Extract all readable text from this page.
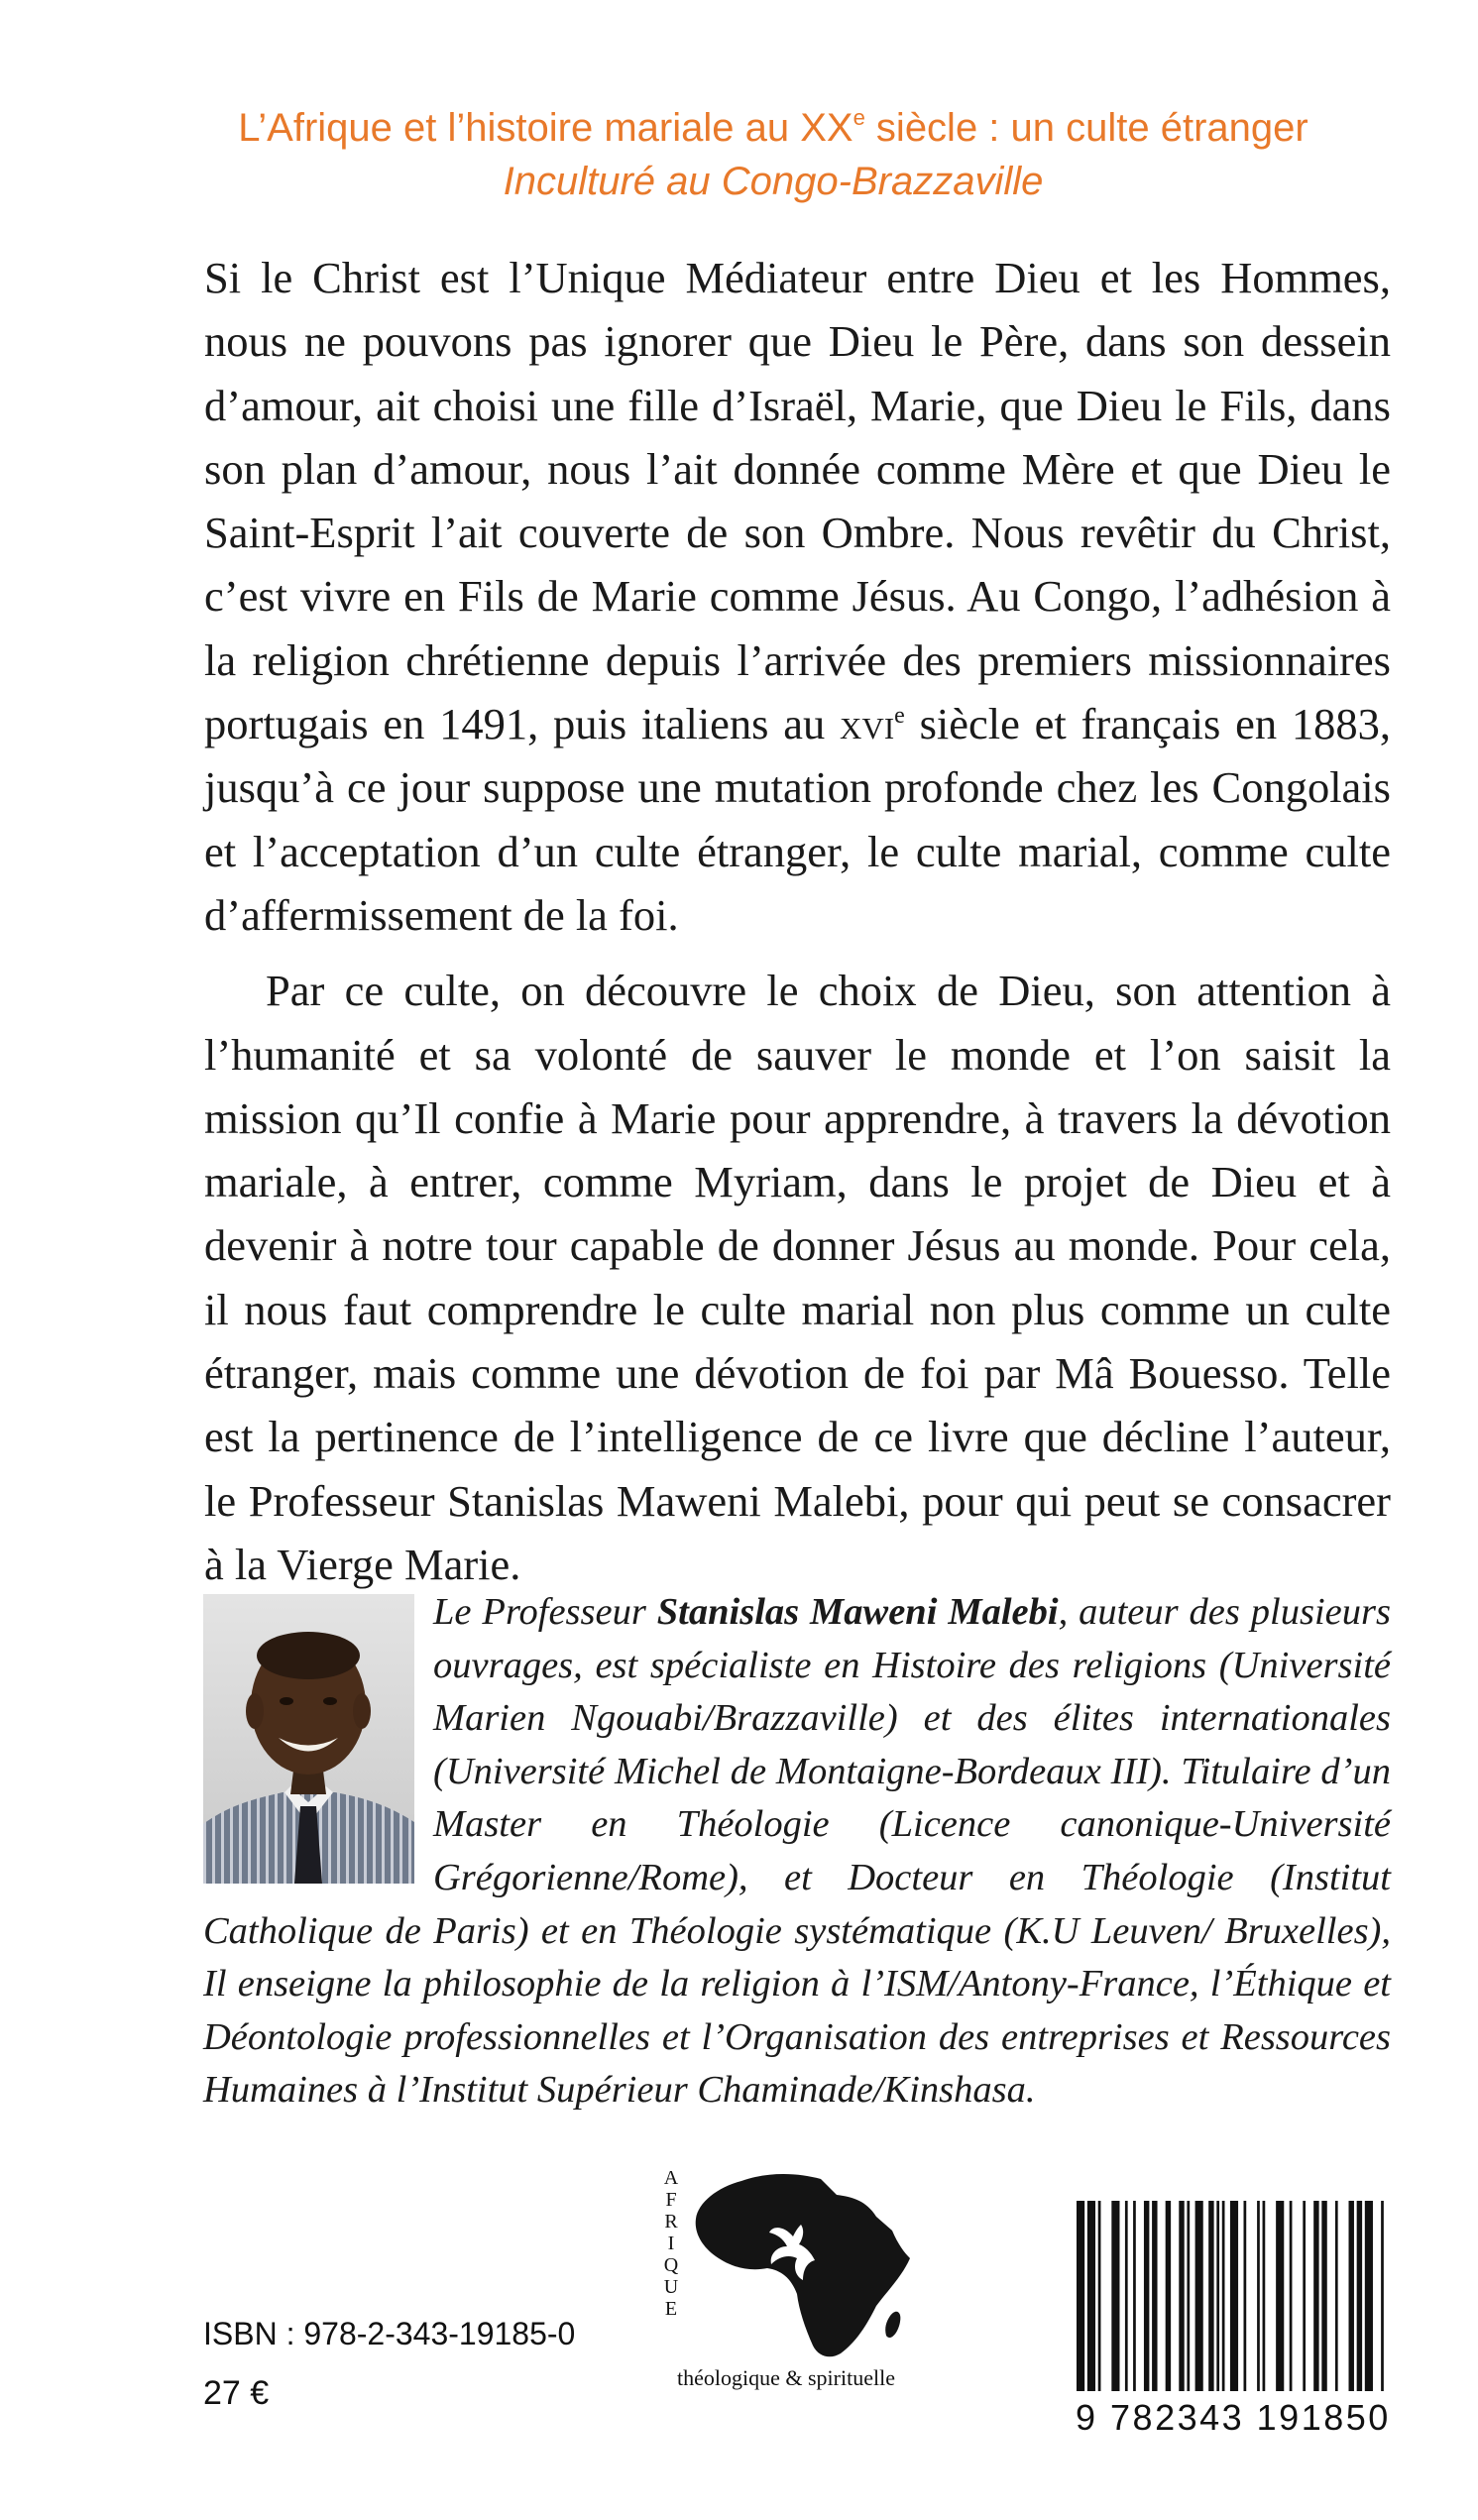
L’Afrique et l’histoire mariale au XXe siècle : un culte étranger
Inculturé au Congo-Brazzaville

Si le Christ est l’Unique Médiateur entre Dieu et les Hommes, nous ne pouvons pas ignorer que Dieu le Père, dans son dessein d’amour, ait choisi une fille d’Israël, Marie, que Dieu le Fils, dans son plan d’amour, nous l’ait donnée comme Mère et que Dieu le Saint-Esprit l’ait couverte de son Ombre. Nous revêtir du Christ, c’est vivre en Fils de Marie comme Jésus. Au Congo, l’adhésion à la religion chrétienne depuis l’arrivée des premiers missionnaires portugais en 1491, puis italiens au xvi$^e$ siècle et français en 1883, jusqu’à ce jour suppose une mutation profonde chez les Congolais et l’acceptation d’un culte étranger, le culte marial, comme culte d’affermissement de la foi.

Par ce culte, on découvre le choix de Dieu, son attention à l’humanité et sa volonté de sauver le monde et l’on saisit la mission qu’Il confie à Marie pour apprendre, à travers la dévotion mariale, à entrer, comme Myriam, dans le projet de Dieu et à devenir à notre tour capable de donner Jésus au monde. Pour cela, il nous faut comprendre le culte marial non plus comme un culte étranger, mais comme une dévotion de foi par Mâ Bouesso. Telle est la pertinence de l’intelligence de ce livre que décline l’auteur, le Professeur Stanislas Maweni Malebi, pour qui peut se consacrer à la Vierge Marie.

Le Professeur Stanislas Maweni Malebi, auteur des plusieurs ouvrages, est spécialiste en Histoire des religions (Université Marien Ngouabi/Brazzaville) et des élites internationales (Université Michel de Montaigne-Bordeaux III). Titulaire d’un Master en Théologie (Licence canonique-Université Grégorienne/Rome), et Docteur en Théologie (Institut Catholique de Paris) et en Théologie systématique (K.U Leuven/ Bruxelles), Il enseigne la philosophie de la religion à l’ISM/Antony-France, l’Éthique et Déontologie professionnelles et l’Organisation des entreprises et Ressources Humaines à l’Institut Supérieur Chaminade/Kinshasa.
A
F
R
I
Q
U
E
théologique & spirituelle
ISBN : 978-2-343-19185-0
27 €
9 782343 191850
